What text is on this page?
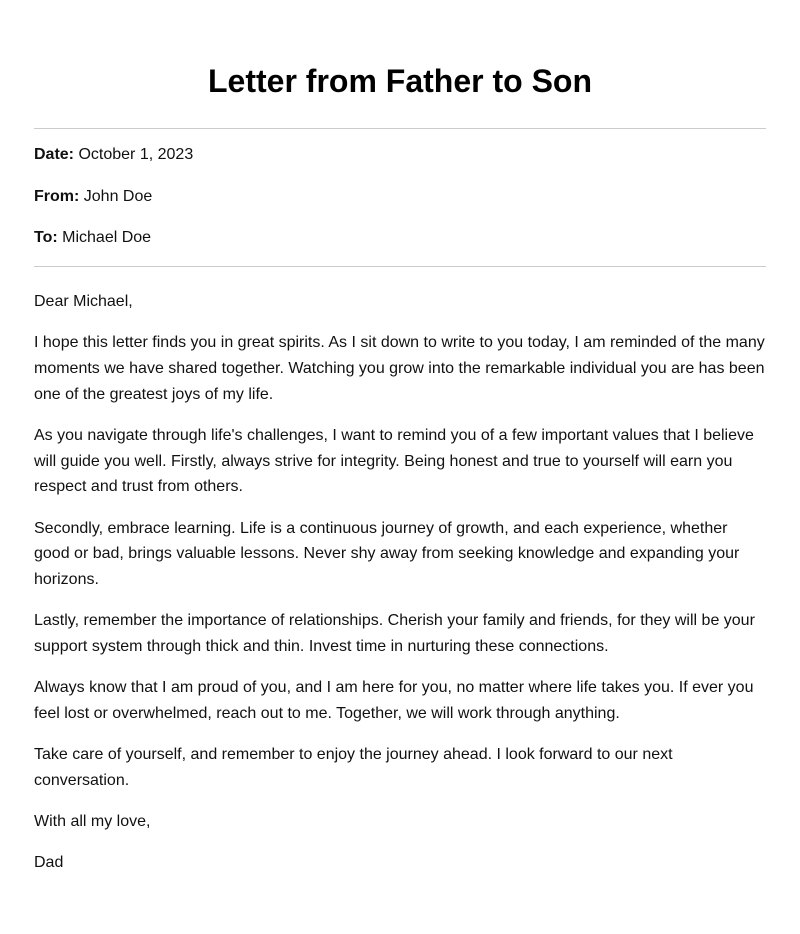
Letter from Father to Son
Date: October 1, 2023
From: John Doe
To: Michael Doe

Dear Michael,

I hope this letter finds you in great spirits. As I sit down to write to you today, I am reminded of the many moments we have shared together. Watching you grow into the remarkable individual you are has been one of the greatest joys of my life.

As you navigate through life's challenges, I want to remind you of a few important values that I believe will guide you well. Firstly, always strive for integrity. Being honest and true to yourself will earn you respect and trust from others.

Secondly, embrace learning. Life is a continuous journey of growth, and each experience, whether good or bad, brings valuable lessons. Never shy away from seeking knowledge and expanding your horizons.

Lastly, remember the importance of relationships. Cherish your family and friends, for they will be your support system through thick and thin. Invest time in nurturing these connections.

Always know that I am proud of you, and I am here for you, no matter where life takes you. If ever you feel lost or overwhelmed, reach out to me. Together, we will work through anything.

Take care of yourself, and remember to enjoy the journey ahead. I look forward to our next conversation.

With all my love,

Dad
